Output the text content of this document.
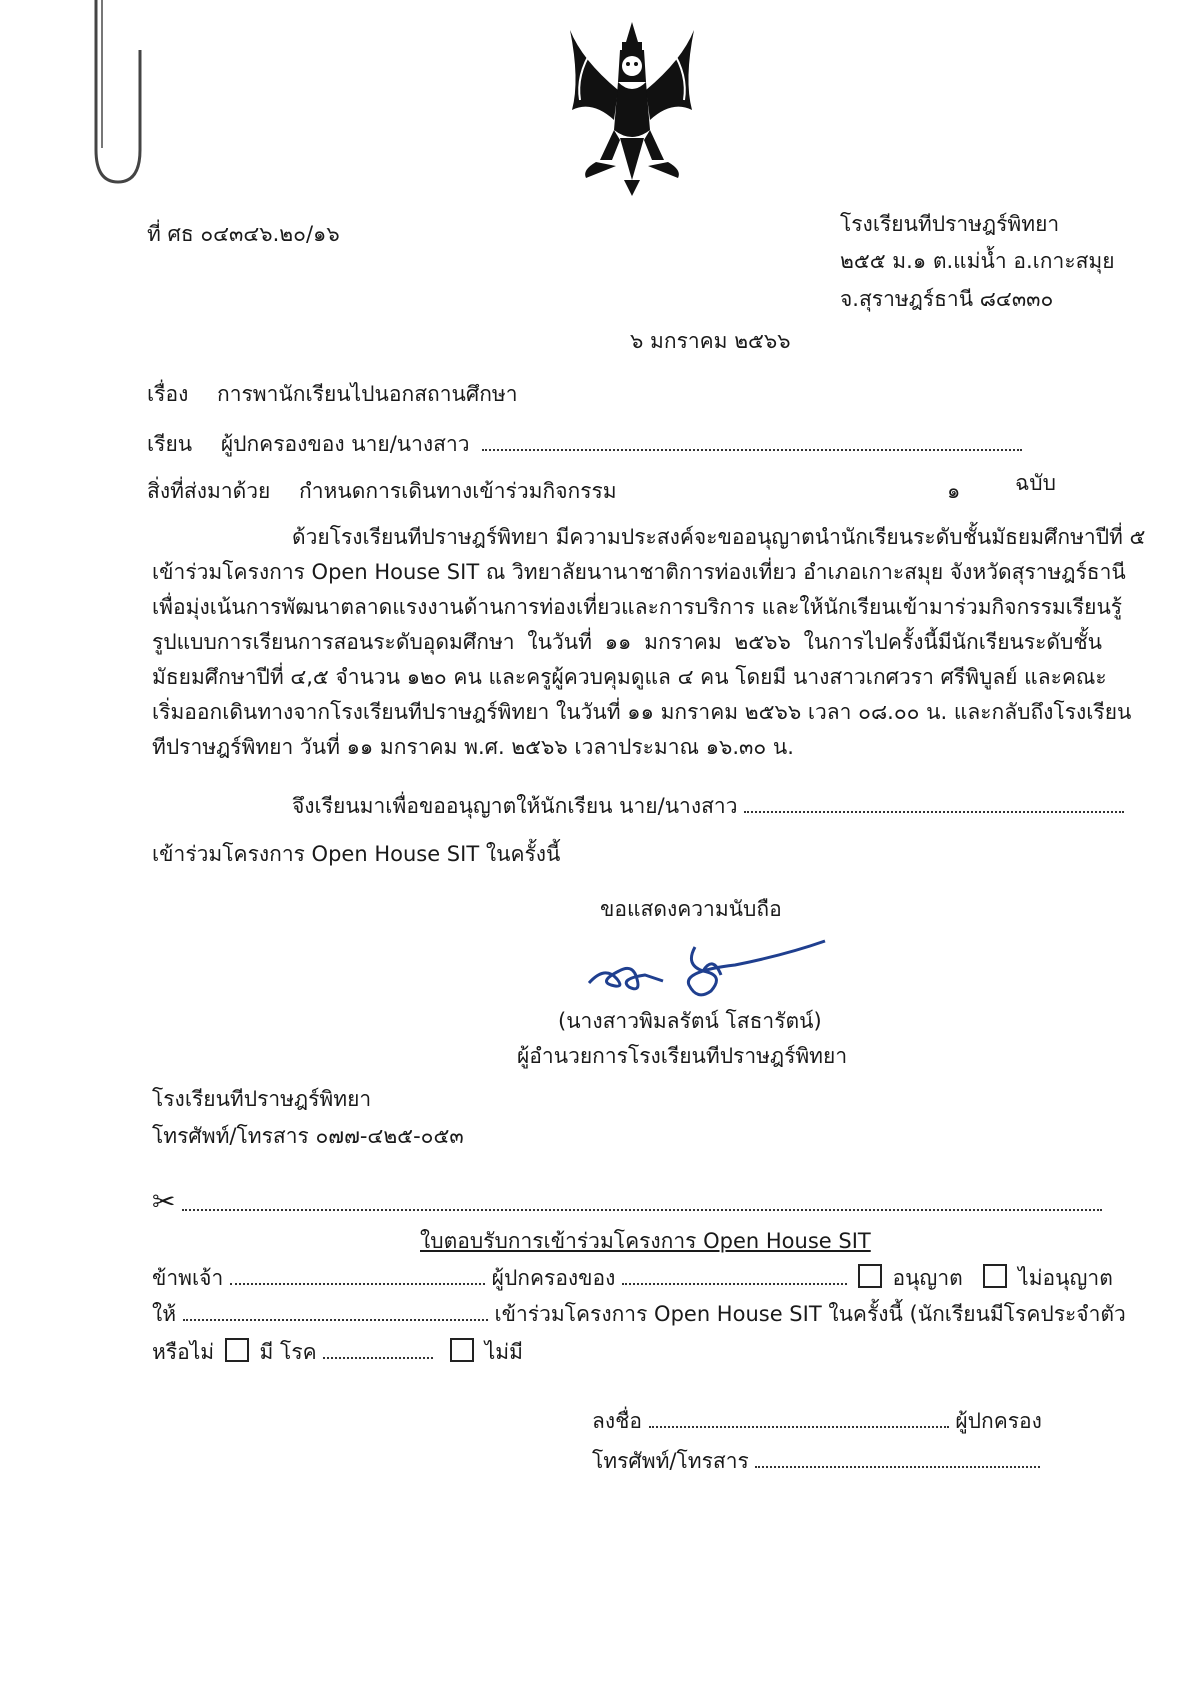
ที่ ศธ ๐๔๓๔๖.๒๐/๑๖	โรงเรียนทีปราษฎร์พิทยา
๒๕๕ ม.๑ ต.แม่น้ำ อ.เกาะสมุย
จ.สุราษฎร์ธานี ๘๔๓๓๐
๖ มกราคม ๒๕๖๖
เรื่อง การพานักเรียนไปนอกสถานศึกษา
เรียน ผู้ปกครองของ นาย/นางสาว
สิ่งที่ส่งมาด้วย กำหนดการเดินทางเข้าร่วมกิจกรรม	๑	ฉบับ
ด้วยโรงเรียนทีปราษฎร์พิทยา มีความประสงค์จะขออนุญาตนำนักเรียนระดับชั้นมัธยมศึกษาปีที่ ๕
เข้าร่วมโครงการ Open House SIT ณ วิทยาลัยนานาชาติการท่องเที่ยว อำเภอเกาะสมุย จังหวัดสุราษฎร์ธานี
เพื่อมุ่งเน้นการพัฒนาตลาดแรงงานด้านการท่องเที่ยวและการบริการ และให้นักเรียนเข้ามาร่วมกิจกรรมเรียนรู้
รูปแบบการเรียนการสอนระดับอุดมศึกษา ในวันที่ ๑๑ มกราคม ๒๕๖๖ ในการไปครั้งนี้มีนักเรียนระดับชั้น
มัธยมศึกษาปีที่ ๔,๕ จำนวน ๑๒๐ คน และครูผู้ควบคุมดูแล ๔ คน โดยมี นางสาวเกศวรา ศรีพิบูลย์ และคณะ
เริ่มออกเดินทางจากโรงเรียนทีปราษฎร์พิทยา ในวันที่ ๑๑ มกราคม ๒๕๖๖ เวลา ๐๘.๐๐ น. และกลับถึงโรงเรียน
ทีปราษฎร์พิทยา วันที่ ๑๑ มกราคม พ.ศ. ๒๕๖๖ เวลาประมาณ ๑๖.๓๐ น.
จึงเรียนมาเพื่อขออนุญาตให้นักเรียน นาย/นางสาว
เข้าร่วมโครงการ Open House SIT ในครั้งนี้
ขอแสดงความนับถือ
(นางสาวพิมลรัตน์ โสธารัตน์)
ผู้อำนวยการโรงเรียนทีปราษฎร์พิทยา
โรงเรียนทีปราษฎร์พิทยา
โทรศัพท์/โทรสาร ๐๗๗-๔๒๕-๐๕๓
✂
ใบตอบรับการเข้าร่วมโครงการ Open House SIT
ข้าพเจ้า	ผู้ปกครองของ	อนุญาต	ไม่อนุญาต
ให้	เข้าร่วมโครงการ Open House SIT ในครั้งนี้ (นักเรียนมีโรคประจำตัว
หรือไม่ มี โรค	ไม่มี
ลงชื่อ	ผู้ปกครอง
โทรศัพท์/โทรสาร
